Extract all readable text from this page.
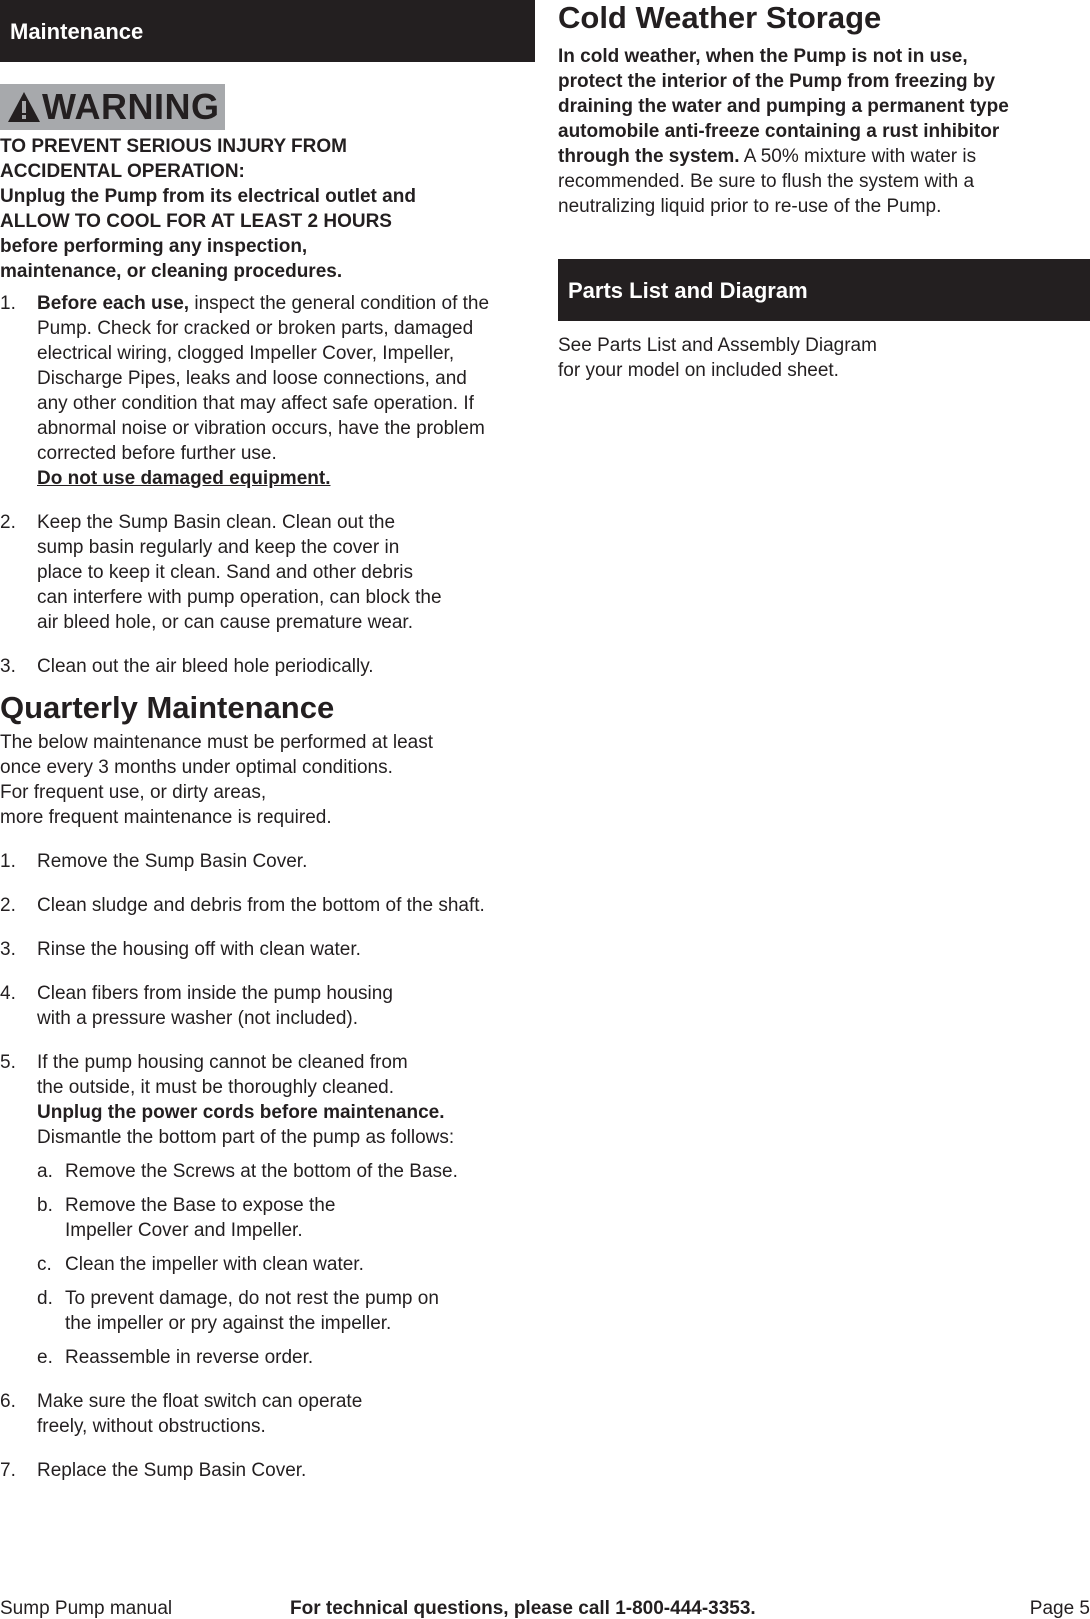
Maintenance
WARNING
TO PREVENT SERIOUS INJURY FROM
ACCIDENTAL OPERATION:
Unplug the Pump from its electrical outlet and
ALLOW TO COOL FOR AT LEAST 2 HOURS
before performing any inspection,
maintenance, or cleaning procedures.
1. Before each use, inspect the general condition of the
Pump. Check for cracked or broken parts, damaged
electrical wiring, clogged Impeller Cover, Impeller,
Discharge Pipes, leaks and loose connections, and
any other condition that may affect safe operation. If
abnormal noise or vibration occurs, have the problem
corrected before further use.

Do not use damaged equipment.

2. Keep the Sump Basin clean. Clean out the
sump basin regularly and keep the cover in
place to keep it clean. Sand and other debris
can interfere with pump operation, can block the
air bleed hole, or can cause premature wear.

3. Clean out the air bleed hole periodically.

Quarterly Maintenance

The below maintenance must be performed at least
once every 3 months under optimal conditions.
For frequent use, or dirty areas,
more frequent maintenance is required.

1. Remove the Sump Basin Cover.

2. Clean sludge and debris from the bottom of the shaft.

3. Rinse the housing off with clean water.

4. Clean fibers from inside the pump housing
with a pressure washer (not included).

5. If the pump housing cannot be cleaned from
the outside, it must be thoroughly cleaned.

Unplug the power cords before maintenance.

Dismantle the bottom part of the pump as follows:

a. Remove the Screws at the bottom of the Base.

b. Remove the Base to expose the
Impeller Cover and Impeller.

c. Clean the impeller with clean water.

d. To prevent damage, do not rest the pump on
the impeller or pry against the impeller.

e. Reassemble in reverse order.

6. Make sure the float switch can operate
freely, without obstructions.

7. Replace the Sump Basin Cover.

Cold Weather Storage

In cold weather, when the Pump is not in use,
protect the interior of the Pump from freezing by
draining the water and pumping a permanent type
automobile anti-freeze containing a rust inhibitor
through the system. A 50% mixture with water is
recommended. Be sure to flush the system with a
neutralizing liquid prior to re-use of the Pump.

Parts List and Diagram

See Parts List and Assembly Diagram
for your model on included sheet.

Sump Pump manual	For technical questions, please call 1-800-444-3353.	Page 5
